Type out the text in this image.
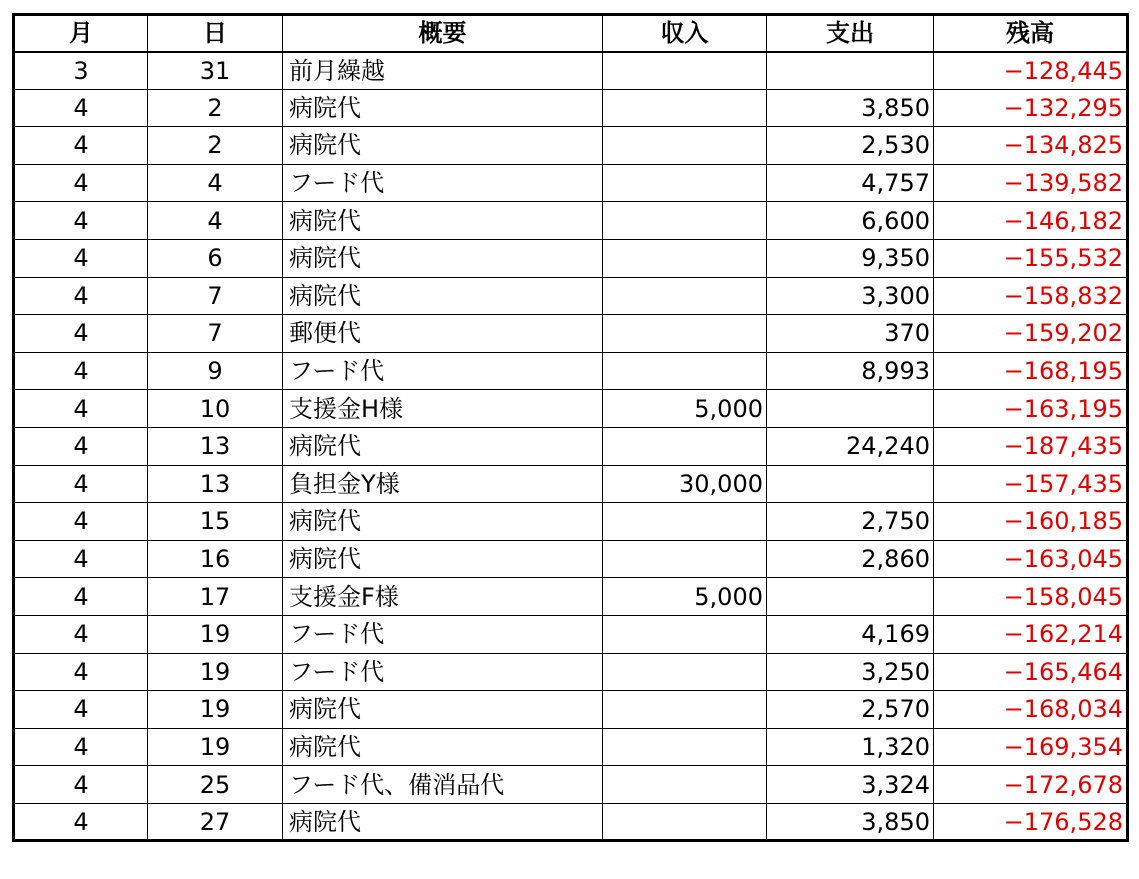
月	日	概要	収入	支出	残高
3	31	前月繰越			−128,445
4	2	病院代		3,850	−132,295
4	2	病院代		2,530	−134,825
4	4	フード代		4,757	−139,582
4	4	病院代		6,600	−146,182
4	6	病院代		9,350	−155,532
4	7	病院代		3,300	−158,832
4	7	郵便代		370	−159,202
4	9	フード代		8,993	−168,195
4	10	支援金H様	5,000		−163,195
4	13	病院代		24,240	−187,435
4	13	負担金Y様	30,000		−157,435
4	15	病院代		2,750	−160,185
4	16	病院代		2,860	−163,045
4	17	支援金F様	5,000		−158,045
4	19	フード代		4,169	−162,214
4	19	フード代		3,250	−165,464
4	19	病院代		2,570	−168,034
4	19	病院代		1,320	−169,354
4	25	フード代、備消品代		3,324	−172,678
4	27	病院代		3,850	−176,528
